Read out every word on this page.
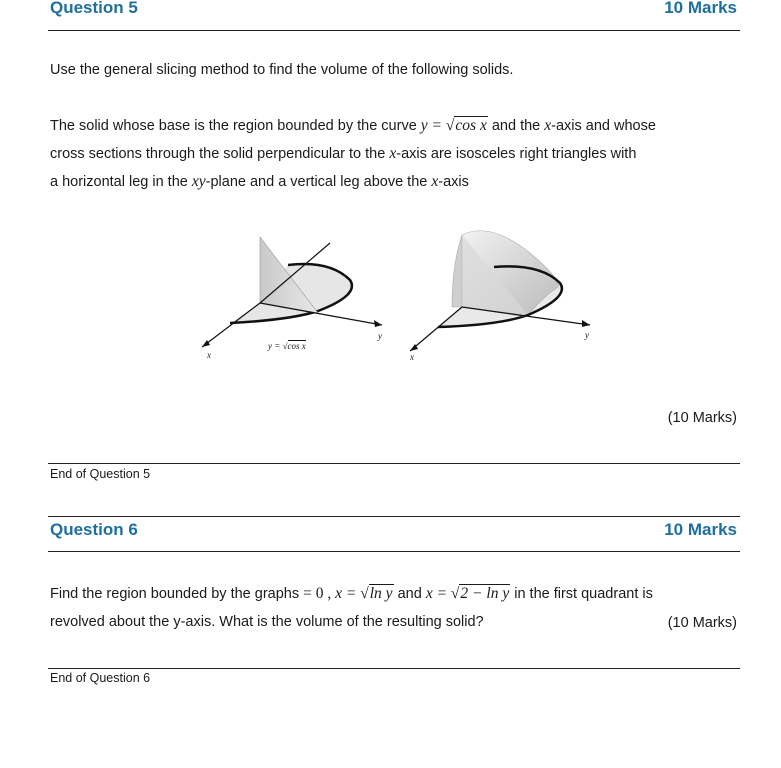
Question 5	10 Marks
Use the general slicing method to find the volume of the following solids.
The solid whose base is the region bounded by the curve y = √cos x and the x-axis and whose
cross sections through the solid perpendicular to the x-axis are isosceles right triangles with
a horizontal leg in the xy-plane and a vertical leg above the x-axis
y = √cos x
x
y
x
y
(10 Marks)
End of Question 5
Question 6	10 Marks
Find the region bounded by the graphs = 0 , x = √ln y and x = √2 − ln y in the first quadrant is
revolved about the y-axis. What is the volume of the resulting solid?	(10 Marks)
End of Question 6
